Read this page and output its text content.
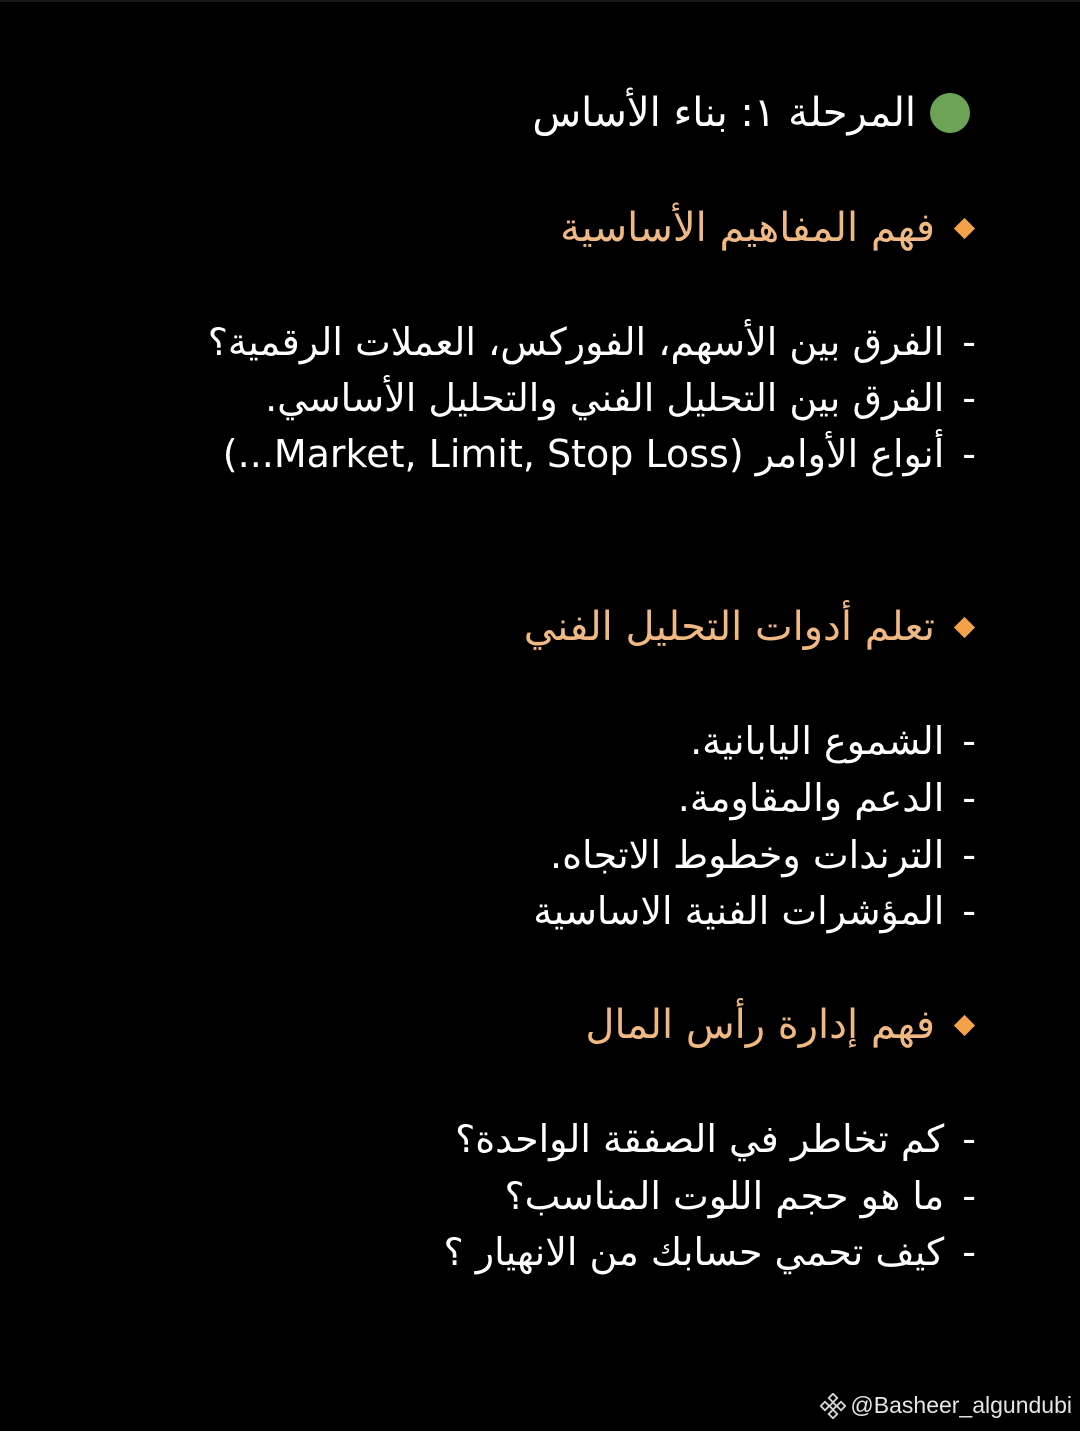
المرحلة ١: بناء الأساس
فهم المفاهيم الأساسية
-الفرق بين الأسهم، الفوركس، العملات الرقمية؟
-الفرق بين التحليل الفني والتحليل الأساسي.
-أنواع الأوامر (Market, Limit, Stop Loss...)
تعلم أدوات التحليل الفني
-الشموع اليابانية.
-الدعم والمقاومة.
-الترندات وخطوط الاتجاه.
-المؤشرات الفنية الاساسية
فهم إدارة رأس المال
-كم تخاطر في الصفقة الواحدة؟
-ما هو حجم اللوت المناسب؟
-كيف تحمي حسابك من الانهيار ؟
@Basheer_algundubi
